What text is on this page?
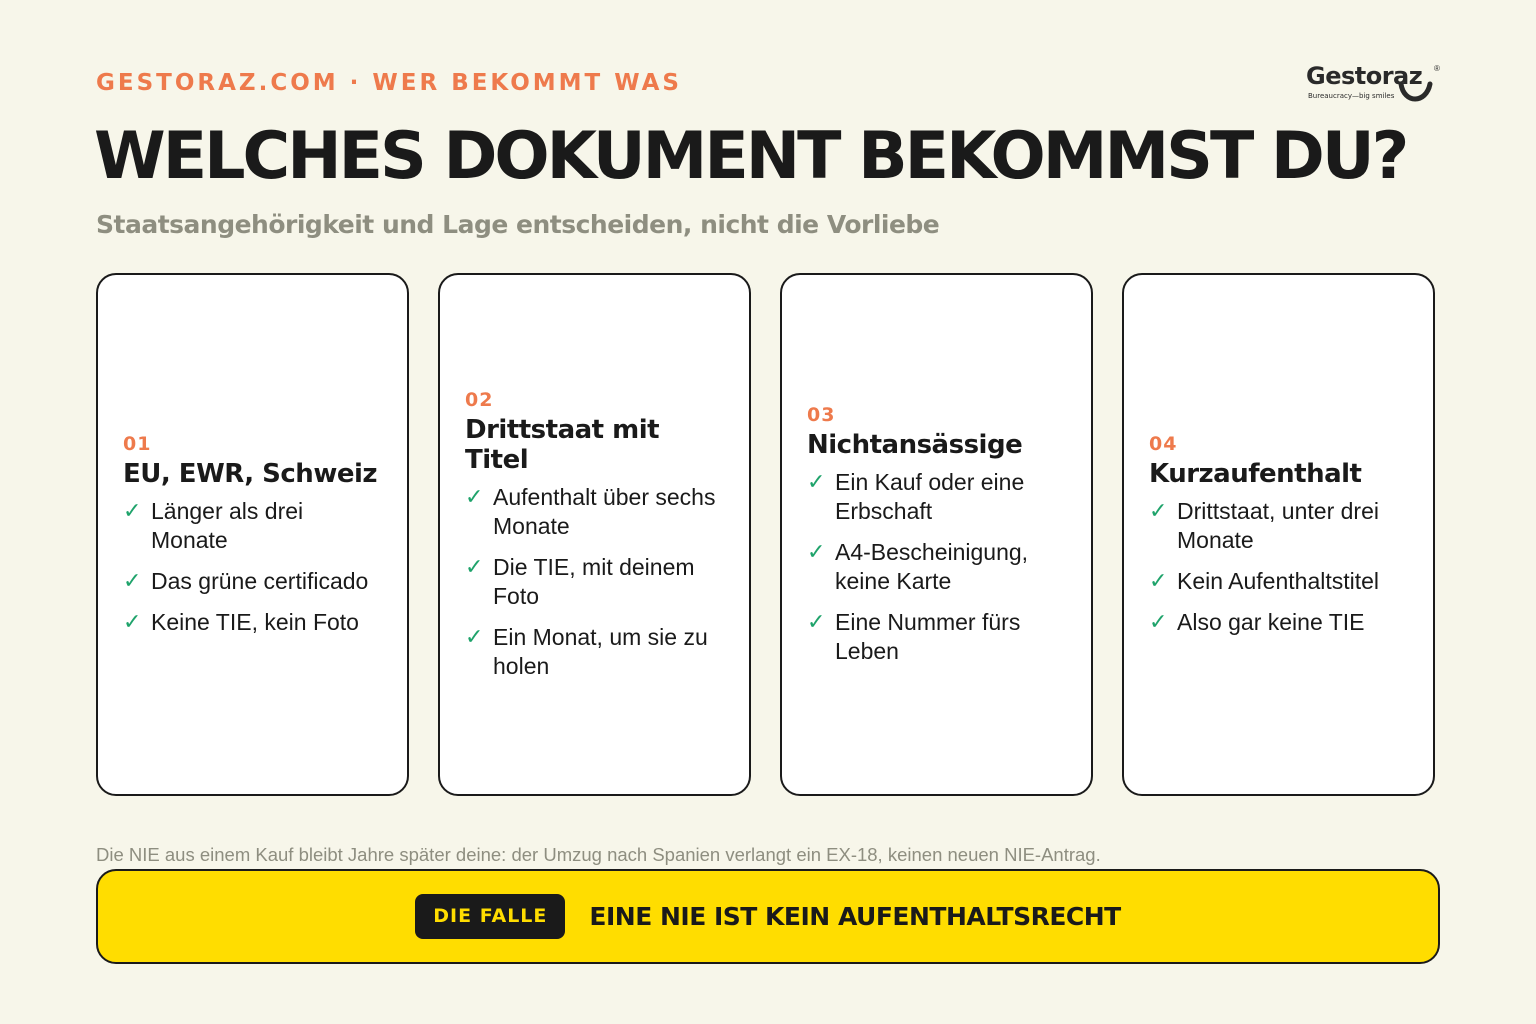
GESTORAZ.COM · WER BEKOMMT WAS	Gestoraz ®
Bureaucracy—big smiles
WELCHES DOKUMENT BEKOMMST DU?
Staatsangehörigkeit und Lage entscheiden, nicht die Vorliebe
01
EU, EWR, Schweiz
✓ Länger als drei Monate
✓ Das grüne certificado
✓ Keine TIE, kein Foto
02
Drittstaat mit Titel
✓ Aufenthalt über sechs Monate
✓ Die TIE, mit deinem Foto
✓ Ein Monat, um sie zu holen
03
Nichtansässige
✓ Ein Kauf oder eine Erbschaft
✓ A4-Bescheinigung, keine Karte
✓ Eine Nummer fürs Leben
04
Kurzaufenthalt
✓ Drittstaat, unter drei Monate
✓ Kein Aufenthaltstitel
✓ Also gar keine TIE
Die NIE aus einem Kauf bleibt Jahre später deine: der Umzug nach Spanien verlangt ein EX-18, keinen neuen NIE-Antrag.
DIE FALLE	EINE NIE IST KEIN AUFENTHALTSRECHT
